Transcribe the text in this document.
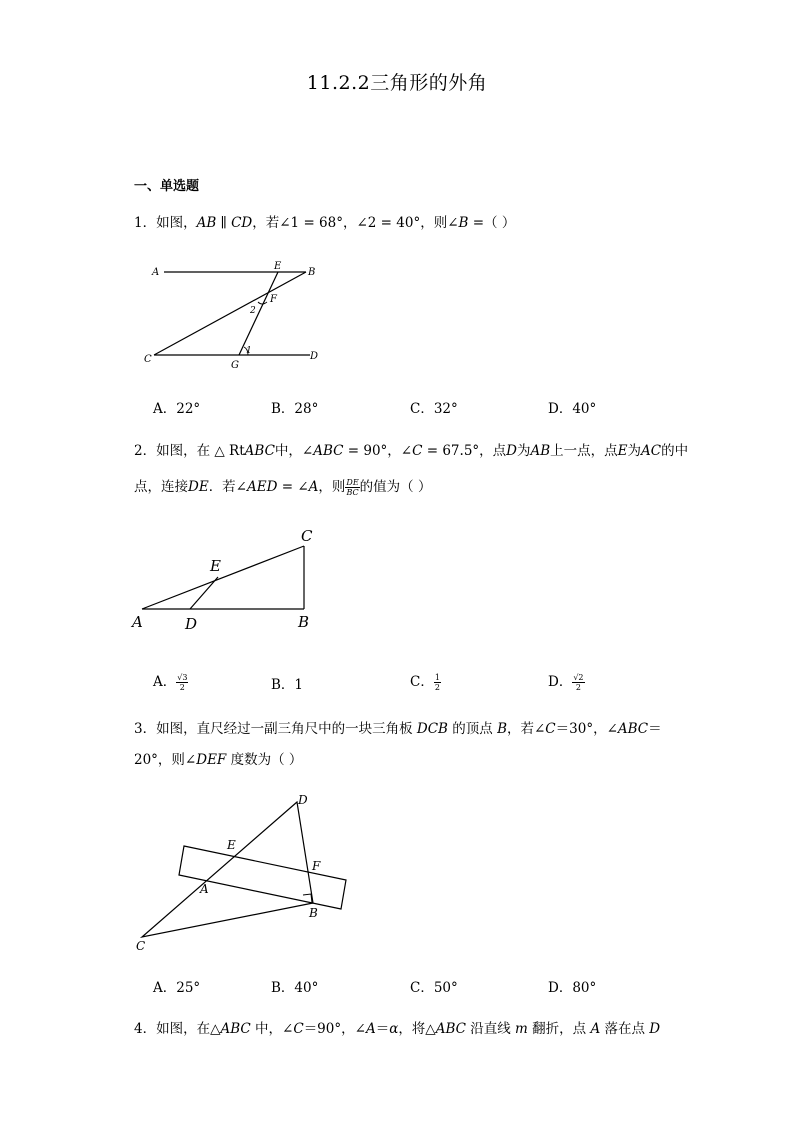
11.2.2三角形的外角
一、单选题
1．如图，AB ∥ CD，若∠1 = 68°，∠2 = 40°，则∠B =（ ）
A
E
B
F
2
C
G
1	D
A．22°	B．28°	C．32°	D．40°
2．如图，在 △ RtABC中，∠ABC = 90°，∠C = 67.5°，点D为AB上一点，点E为AC的中
点，连接DE．若∠AED = ∠A，则 $\frac{DE}{BC}$ 的值为（ ）
C
E
A	D	B
A． $\frac{√3}{2}$	B．1	C． $\frac{1}{2}$	D． $\frac{√2}{2}$
3．如图，直尺经过一副三角尺中的一块三角板 DCB 的顶点 B，若∠C＝30°，∠ABC＝
20°，则∠DEF 度数为（ ）
D
E
F
A
B
C
A．25°	B．40°	C．50°	D．80°
4．如图，在△ABC 中，∠C＝90°，∠A＝α，将△ABC 沿直线 m 翻折，点 A 落在点 D
